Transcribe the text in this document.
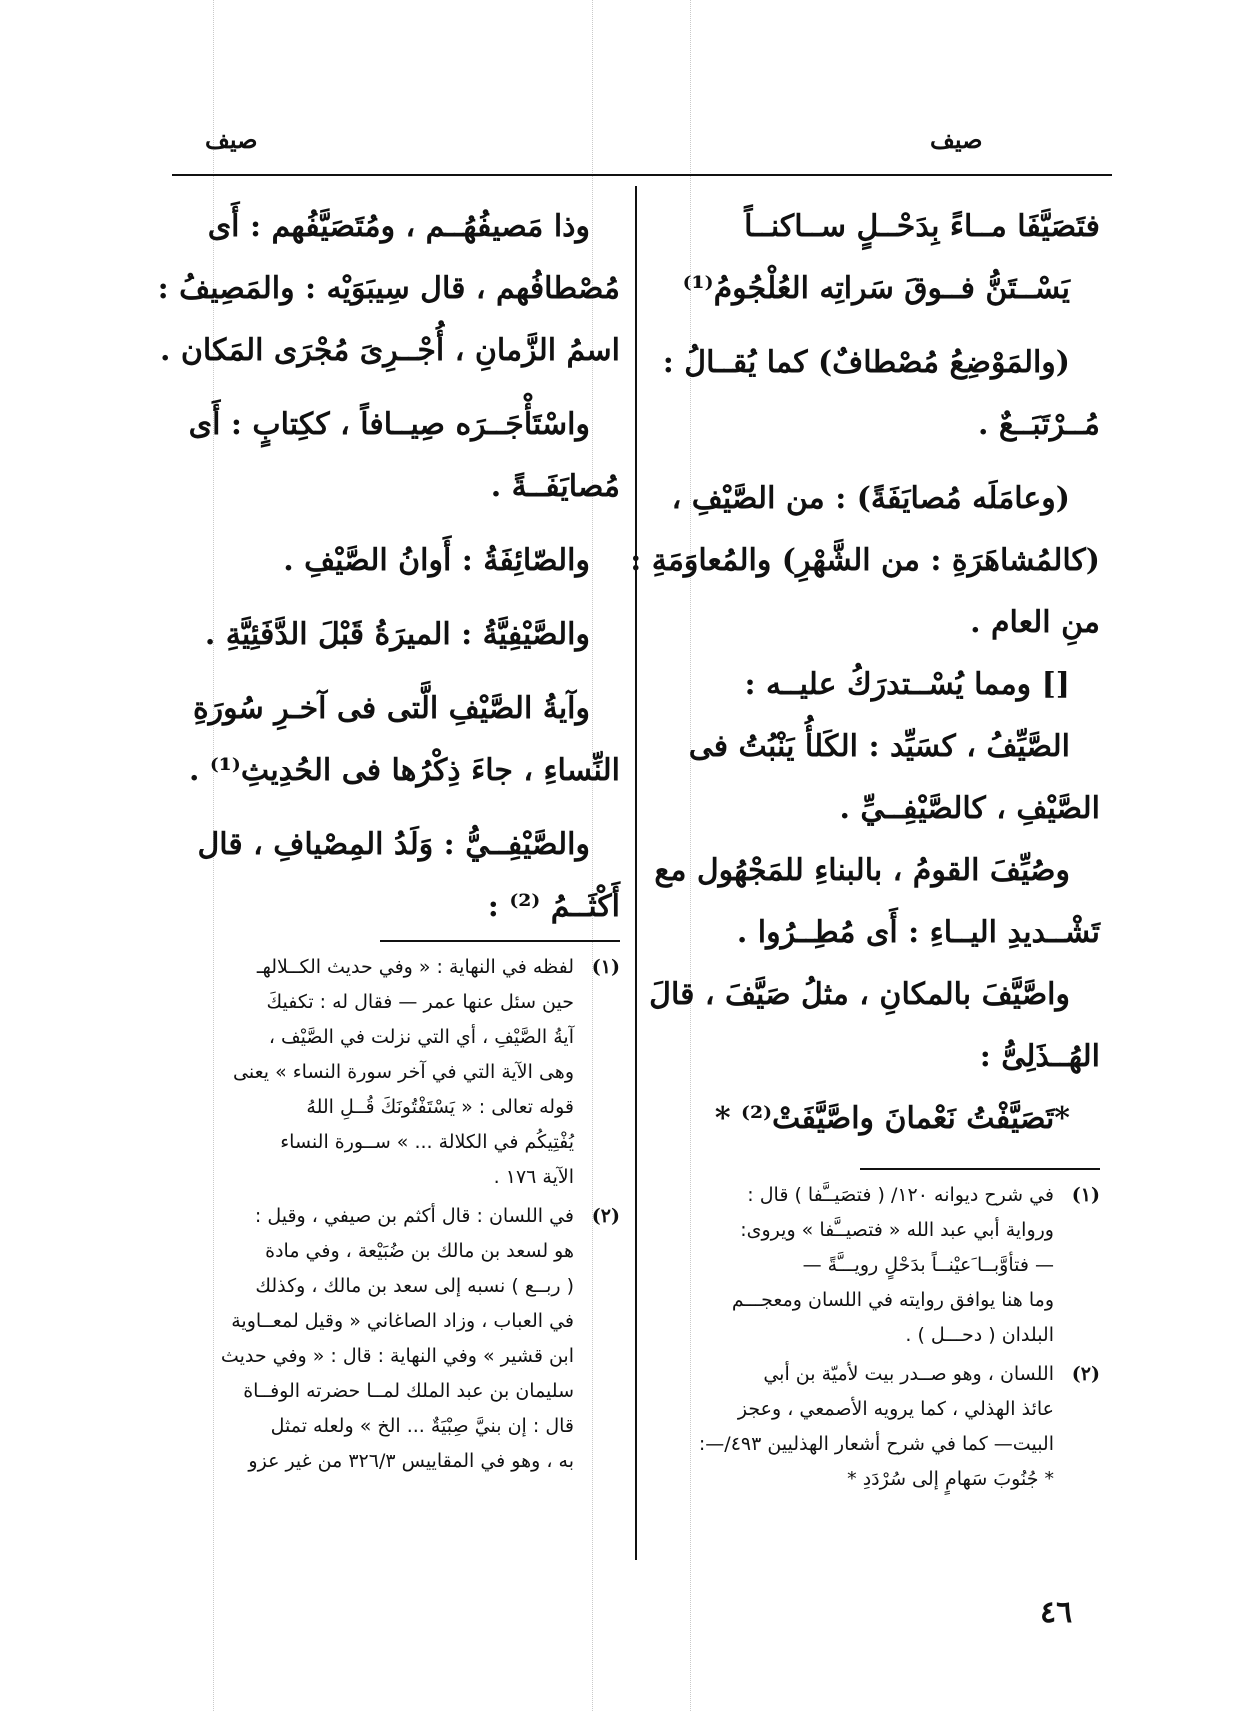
صيف
صيف
فتَصَيَّفَا مــاءً بِدَحْــلٍ ســاكنــاً
يَسْــتَنُّ فــوقَ سَراتِه العُلْجُومُ⁽¹⁾
(والمَوْضِعُ مُصْطافٌ) كما يُقــالُ :
مُــرْتَبَــعٌ .
(وعامَلَه مُصايَفَةً) : من الصَّيْفِ ،
(كالمُشاهَرَةِ : من الشَّهْرِ) والمُعاوَمَةِ :
منِ العام .
[] ومما يُسْــتدرَكُ عليــه :
الصَّيِّفُ ، كسَيِّد : الكَلأُ يَنْبُتُ فى
الصَّيْفِ ، كالصَّيْفِــيِّ .
وصُيِّفَ القومُ ، بالبناءِ للمَجْهُول مع
تَشْــديدِ اليــاءِ : أَى مُطِــرُوا .
واصَّيَّفَ بالمكانِ ، مثلُ صَيَّفَ ، قالَ
الهُــذَلِىُّ :
*تَصَيَّفْتُ نَعْمانَ واصَّيَّفَتْ⁽²⁾ *
(١)
في شرح ديوانه ١٢٠/ ( فتصَيــَّفا ) قال :
ورواية أبي عبد الله « فتصيــَّفا » ويروى:
— فتأوَّبــا َعيْنــاً بدَحْلٍ رويـــَّةً —
وما هنا يوافق روايته في اللسان ومعجـــم
البلدان ( دحـــل ) .
(٢)
اللسان ، وهو صــدر بيت لأميّة بن أبي
عائذ الهذلي ، كما يرويه الأصمعي ، وعجز
البيت— كما في شرح أشعار الهذليين ٤٩٣/—:
* جُنُوبَ سَهامٍ إلى سُرْدَدِ *
وذا مَصيفُهُــم ، ومُتَصَيَّفُهم : أَى
مُصْطافُهم ، قال سِيبَوَيْه : والمَصِيفُ :
اسمُ الزَّمانِ ، أُجْــرِىَ مُجْرَى المَكان .
واسْتَأْجَــرَه صِيــافاً ، ككِتابٍ : أَى
مُصايَفَــةً .
والصّائِفَةُ : أَوانُ الصَّيْفِ .
والصَّيْفِيَّةُ : الميرَةُ قَبْلَ الدَّفَئِيَّةِ .
وآيةُ الصَّيْفِ الَّتى فى آخـرِ سُورَةِ
النِّساءِ ، جاءَ ذِكْرُها فى الحُدِيثِ⁽¹⁾ .
والصَّيْفِــيُّ : وَلَدُ المِصْيافِ ، قال
أَكْثَــمُ ⁽²⁾ :
(١)
لفظه في النهاية : « وفي حديث الكــلالهـ
حين سئل عنها عمر — فقال له : تكفيكَ
آيةُ الصَّيْفِ ، أي التي نزلت في الصَّيْف ،
وهى الآية التي في آخر سورة النساء » يعنى
قوله تعالى : « يَسْتَفْتُونَكَ قُــلِ اللهُ
يُفْتِيكُم في الكلالة ... » ســورة النساء
الآية ١٧٦ .
(٢)
في اللسان : قال أكثم بن صيفي ، وقيل :
هو لسعد بن مالك بن ضُبَيْعة ، وفي مادة
( ربــع ) نسبه إلى سعد بن مالك ، وكذلك
في العباب ، وزاد الصاغاني « وقيل لمعــاوية
ابن قشير » وفي النهاية : قال : « وفي حديث
سليمان بن عبد الملك لمــا حضرته الوفــاة
قال : إن بنيَّ صِبْيَةٌ ... الخ » ولعله تمثل
به ، وهو في المقاييس ٣٢٦/٣ من غير عزو
٤٦
